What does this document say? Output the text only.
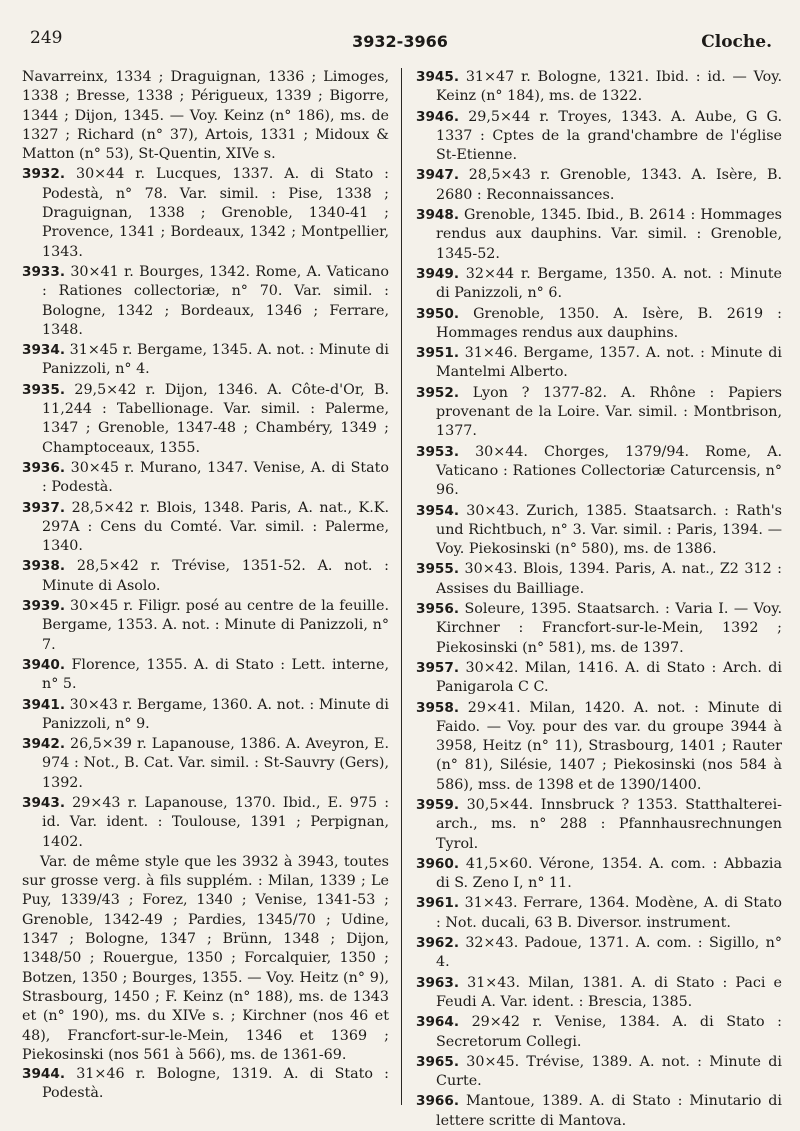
249	3932-3966	Cloche.

Navarreinx, 1334 ; Draguignan, 1336 ; Limoges, 1338 ; Bresse, 1338 ; Périgueux, 1339 ; Bigorre, 1344 ; Dijon, 1345. — Voy. Keinz (n° 186), ms. de 1327 ; Richard (n° 37), Artois, 1331 ; Midoux & Matton (n° 53), St-Quentin, XIVe s.

3932. 30×44 r. Lucques, 1337. A. di Stato : Podestà, n° 78. Var. simil. : Pise, 1338 ; Draguignan, 1338 ; Grenoble, 1340-41 ; Provence, 1341 ; Bordeaux, 1342 ; Montpellier, 1343.

3933. 30×41 r. Bourges, 1342. Rome, A. Vaticano : Rationes collectoriæ, n° 70. Var. simil. : Bologne, 1342 ; Bordeaux, 1346 ; Ferrare, 1348.

3934. 31×45 r. Bergame, 1345. A. not. : Minute di Panizzoli, n° 4.

3935. 29,5×42 r. Dijon, 1346. A. Côte-d'Or, B. 11,244 : Tabellionage. Var. simil. : Palerme, 1347 ; Grenoble, 1347-48 ; Chambéry, 1349 ; Champtoceaux, 1355.

3936. 30×45 r. Murano, 1347. Venise, A. di Stato : Podestà.

3937. 28,5×42 r. Blois, 1348. Paris, A. nat., K.K. 297A : Cens du Comté. Var. simil. : Palerme, 1340.

3938. 28,5×42 r. Trévise, 1351-52. A. not. : Minute di Asolo.

3939. 30×45 r. Filigr. posé au centre de la feuille. Bergame, 1353. A. not. : Minute di Panizzoli, n° 7.

3940. Florence, 1355. A. di Stato : Lett. interne, n° 5.

3941. 30×43 r. Bergame, 1360. A. not. : Minute di Panizzoli, n° 9.

3942. 26,5×39 r. Lapanouse, 1386. A. Aveyron, E. 974 : Not., B. Cat. Var. simil. : St-Sauvry (Gers), 1392.

3943. 29×43 r. Lapanouse, 1370. Ibid., E. 975 : id. Var. ident. : Toulouse, 1391 ; Perpignan, 1402.

Var. de même style que les 3932 à 3943, toutes sur grosse verg. à fils supplém. : Milan, 1339 ; Le Puy, 1339/43 ; Forez, 1340 ; Venise, 1341-53 ; Grenoble, 1342-49 ; Pardies, 1345/70 ; Udine, 1347 ; Bologne, 1347 ; Brünn, 1348 ; Dijon, 1348/50 ; Rouergue, 1350 ; Forcalquier, 1350 ; Botzen, 1350 ; Bourges, 1355. — Voy. Heitz (n° 9), Strasbourg, 1450 ; F. Keinz (n° 188), ms. de 1343 et (n° 190), ms. du XIVe s. ; Kirchner (nos 46 et 48), Francfort-sur-le-Mein, 1346 et 1369 ; Piekosinski (nos 561 à 566), ms. de 1361-69.

3944. 31×46 r. Bologne, 1319. A. di Stato : Podestà.

3945. 31×47 r. Bologne, 1321. Ibid. : id. — Voy. Keinz (n° 184), ms. de 1322.

3946. 29,5×44 r. Troyes, 1343. A. Aube, G G. 1337 : Cptes de la grand'chambre de l'église St-Etienne.

3947. 28,5×43 r. Grenoble, 1343. A. Isère, B. 2680 : Reconnaissances.

3948. Grenoble, 1345. Ibid., B. 2614 : Hommages rendus aux dauphins. Var. simil. : Grenoble, 1345-52.

3949. 32×44 r. Bergame, 1350. A. not. : Minute di Panizzoli, n° 6.

3950. Grenoble, 1350. A. Isère, B. 2619 : Hommages rendus aux dauphins.

3951. 31×46. Bergame, 1357. A. not. : Minute di Mantelmi Alberto.

3952. Lyon ? 1377-82. A. Rhône : Papiers provenant de la Loire. Var. simil. : Montbrison, 1377.

3953. 30×44. Chorges, 1379/94. Rome, A. Vaticano : Rationes Collectoriæ Caturcensis, n° 96.

3954. 30×43. Zurich, 1385. Staatsarch. : Rath's und Richtbuch, n° 3. Var. simil. : Paris, 1394. — Voy. Piekosinski (n° 580), ms. de 1386.

3955. 30×43. Blois, 1394. Paris, A. nat., Z2 312 : Assises du Bailliage.

3956. Soleure, 1395. Staatsarch. : Varia I. — Voy. Kirchner : Francfort-sur-le-Mein, 1392 ; Piekosinski (n° 581), ms. de 1397.

3957. 30×42. Milan, 1416. A. di Stato : Arch. di Panigarola C C.

3958. 29×41. Milan, 1420. A. not. : Minute di Faido. — Voy. pour des var. du groupe 3944 à 3958, Heitz (n° 11), Strasbourg, 1401 ; Rauter (n° 81), Silésie, 1407 ; Piekosinski (nos 584 à 586), mss. de 1398 et de 1390/1400.

3959. 30,5×44. Innsbruck ? 1353. Statthalterei-arch., ms. n° 288 : Pfannhausrechnungen Tyrol.

3960. 41,5×60. Vérone, 1354. A. com. : Abbazia di S. Zeno I, n° 11.

3961. 31×43. Ferrare, 1364. Modène, A. di Stato : Not. ducali, 63 B. Diversor. instrument.

3962. 32×43. Padoue, 1371. A. com. : Sigillo, n° 4.

3963. 31×43. Milan, 1381. A. di Stato : Paci e Feudi A. Var. ident. : Brescia, 1385.

3964. 29×42 r. Venise, 1384. A. di Stato : Secretorum Collegi.

3965. 30×45. Trévise, 1389. A. not. : Minute di Curte.

3966. Mantoue, 1389. A. di Stato : Minutario di lettere scritte di Mantova.
